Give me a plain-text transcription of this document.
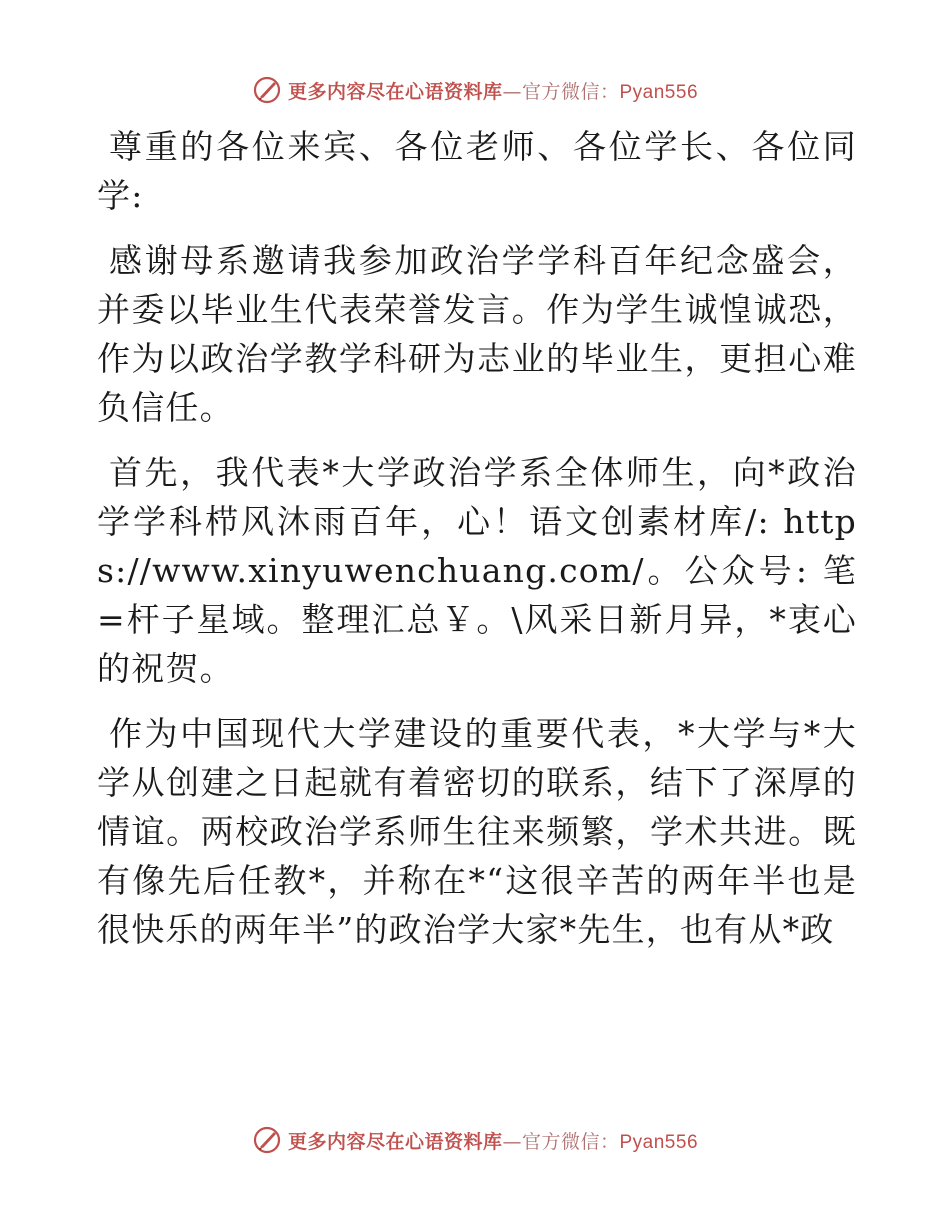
更多内容尽在心语资料库—官方微信：Pyan556

尊重的各位来宾、各位老师、各位学长、各位同学:

感谢母系邀请我参加政治学学科百年纪念盛会，并委以毕业生代表荣誉发言。作为学生诚惶诚恐，作为以政治学教学科研为志业的毕业生，更担心难负信任。

首先，我代表*大学政治学系全体师生，向*政治学学科栉风沐雨百年，心！语文创素材库/: https://www.xinyuwenchuang.com/。公众号: 笔=杆子星域。整理汇总￥。\风采日新月异，*衷心的祝贺。

作为中国现代大学建设的重要代表，*大学与*大学从创建之日起就有着密切的联系，结下了深厚的情谊。两校政治学系师生往来频繁，学术共进。既有像先后任教*，并称在*“这很辛苦的两年半也是很快乐的两年半”的政治学大家*先生，也有从*政

更多内容尽在心语资料库—官方微信：Pyan556
